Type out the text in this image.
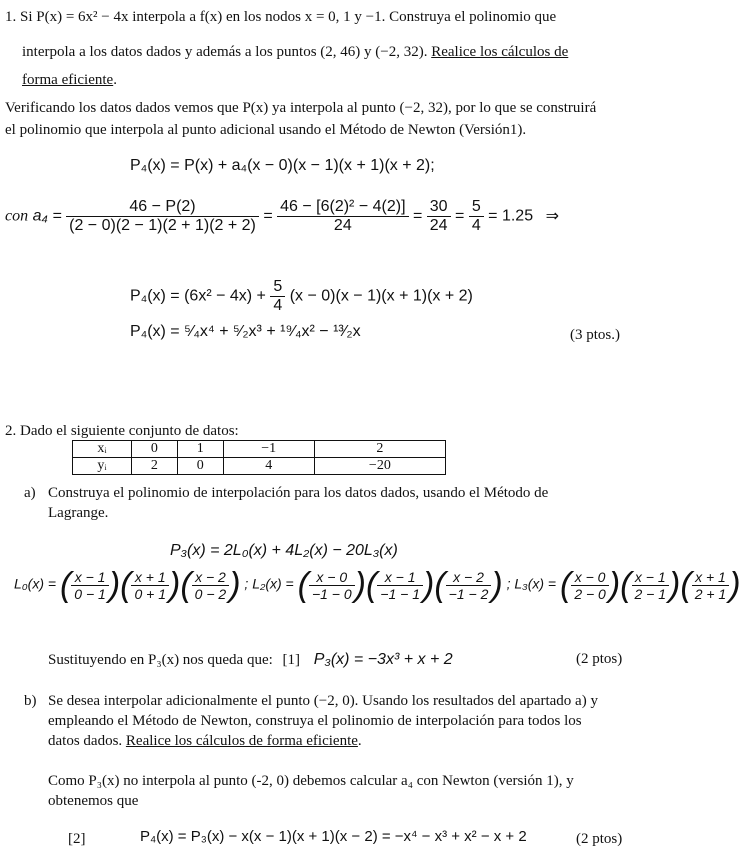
1. Si P(x) = 6x² − 4x interpola a f(x) en los nodos x = 0, 1 y −1. Construya el polinomio que

interpola a los datos dados y además a los puntos (2, 46) y (−2, 32). Realice los cálculos de

forma eficiente.

Verificando los datos dados vemos que P(x) ya interpola al punto (−2, 32), por lo que se construirá

el polinomio que interpola al punto adicional usando el Método de Newton (Versión1).

P₄(x) = P(x) + a₄(x − 0)(x − 1)(x + 1)(x + 2);

con $a_4 = \frac{46 - P(2)}{(2 - 0)(2 - 1)(2 + 1)(2 + 2)} = \frac{\text{46 − [6(2)² − 4(2)]}}{24} = \frac{30}{24} = \frac{5}{4} = 1.25$ ⇒
$P_4(x) = (6x^2 - 4x) + \frac{5}{4} (x - 0)(x - 1)(x + 1)(x + 2)$

P₄(x) = ⁵⁄₄x⁴ + ⁵⁄₂x³ + ¹⁹⁄₄x² − ¹³⁄₂x	(3 ptos.)

2. Dado el siguiente conjunto de datos:

xᵢ	0	1	−1	2
yᵢ	2	0	4	−20

a) Construya el polinomio de interpolación para los datos dados, usando el Método de

Lagrange.

P₃(x) = 2L₀(x) + 4L₂(x) − 20L₃(x)

L₀(x) = ( $\frac{x - 1}{0 - 1}$ )( $\frac{x + 1}{0 + 1}$ )( $\frac{x - 2}{0 - 2}$ ) ; L₂(x) = ( $\frac{x - 0}{-1 - 0}$ )( $\frac{x - 1}{-1 - 1}$ )( $\frac{x - 2}{-1 - 2}$ ) ; L₃(x) = ( $\frac{x - 0}{2 - 0}$ )( $\frac{x - 1}{2 - 1}$ )( $\frac{x + 1}{2 + 1}$ )

Sustituyendo en P₃(x) nos queda que: [1] P₃(x) = −3x³ + x + 2	(2 ptos)

b) Se desea interpolar adicionalmente el punto (−2, 0). Usando los resultados del apartado a) y

empleando el Método de Newton, construya el polinomio de interpolación para todos los

datos dados. Realice los cálculos de forma eficiente.

Como P₃(x) no interpola al punto (-2, 0) debemos calcular a₄ con Newton (versión 1), y

obtenemos que

[2]	P₄(x) = P₃(x) − x(x − 1)(x + 1)(x − 2) = −x⁴ − x³ + x² − x + 2	(2 ptos)
